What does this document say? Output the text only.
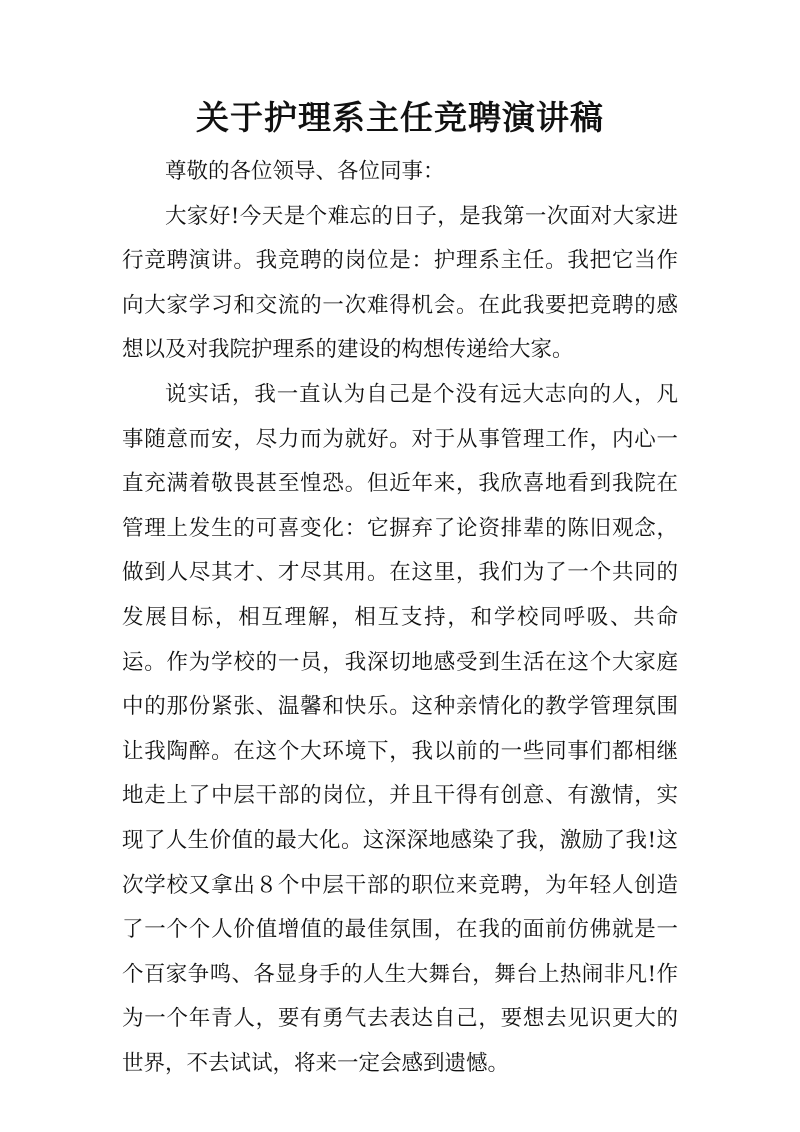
关于护理系主任竞聘演讲稿

尊敬的各位领导、各位同事：

大家好!今天是个难忘的日子，是我第一次面对大家进行竞聘演讲。我竞聘的岗位是：护理系主任。我把它当作向大家学习和交流的一次难得机会。在此我要把竞聘的感想以及对我院护理系的建设的构想传递给大家。

说实话，我一直认为自己是个没有远大志向的人，凡事随意而安，尽力而为就好。对于从事管理工作，内心一直充满着敬畏甚至惶恐。但近年来，我欣喜地看到我院在管理上发生的可喜变化：它摒弃了论资排辈的陈旧观念，做到人尽其才、才尽其用。在这里，我们为了一个共同的发展目标，相互理解，相互支持，和学校同呼吸、共命运。作为学校的一员，我深切地感受到生活在这个大家庭中的那份紧张、温馨和快乐。这种亲情化的教学管理氛围让我陶醉。在这个大环境下，我以前的一些同事们都相继地走上了中层干部的岗位，并且干得有创意、有激情，实现了人生价值的最大化。这深深地感染了我，激励了我!这次学校又拿出８个中层干部的职位来竞聘，为年轻人创造了一个个人价值增值的最佳氛围，在我的面前仿佛就是一个百家争鸣、各显身手的人生大舞台，舞台上热闹非凡!作为一个年青人，要有勇气去表达自己，要想去见识更大的世界，不去试试，将来一定会感到遗憾。
